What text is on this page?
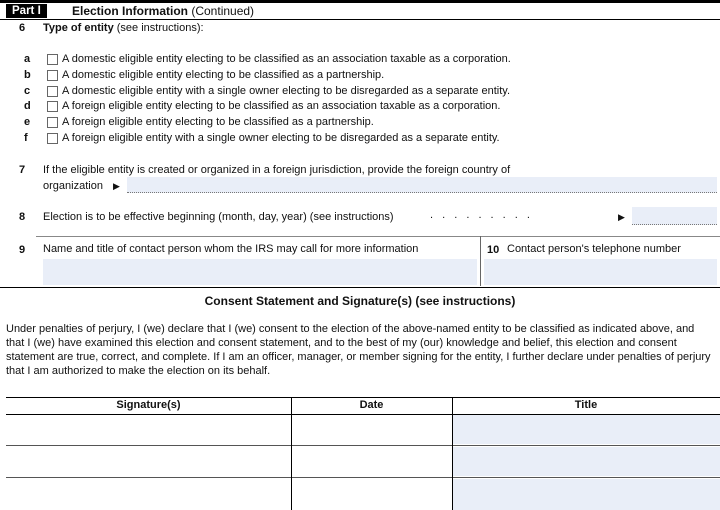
Part I	Election Information (Continued)
6 Type of entity (see instructions):
a	A domestic eligible entity electing to be classified as an association taxable as a corporation.
b	A domestic eligible entity electing to be classified as a partnership.
c	A domestic eligible entity with a single owner electing to be disregarded as a separate entity.
d	A foreign eligible entity electing to be classified as an association taxable as a corporation.
e	A foreign eligible entity electing to be classified as a partnership.
f	A foreign eligible entity with a single owner electing to be disregarded as a separate entity.
7 If the eligible entity is created or organized in a foreign jurisdiction, provide the foreign country of
organization ▶
8 Election is to be effective beginning (month, day, year) (see instructions)	. . . . . . . . .	▶
9 Name and title of contact person whom the IRS may call for more information	10 Contact person's telephone number
Consent Statement and Signature(s) (see instructions)
Under penalties of perjury, I (we) declare that I (we) consent to the election of the above-named entity to be classified as indicated above, and that I (we) have examined this election and consent statement, and to the best of my (our) knowledge and belief, this election and consent statement are true, correct, and complete. If I am an officer, manager, or member signing for the entity, I further declare under penalties of perjury that I am authorized to make the election on its behalf.
Signature(s)	Date	Title
